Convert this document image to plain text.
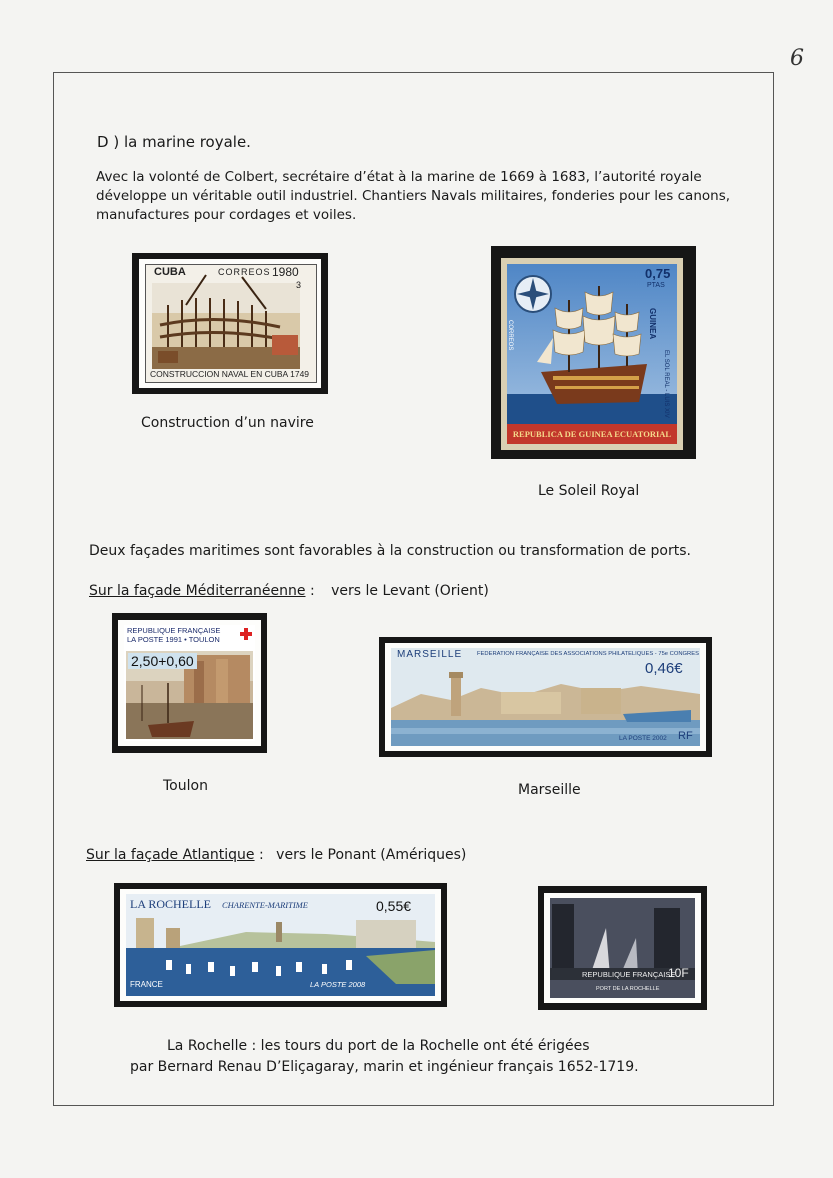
6
D ) la marine royale.
Avec la volonté de Colbert, secrétaire d’état à la marine de 1669 à 1683, l’autorité royale développe un véritable outil industriel. Chantiers Navals militaires, fonderies pour les canons, manufactures pour cordages et voiles.
CUBA	CORREOS 1980
3
CONSTRUCCION NAVAL EN CUBA 1749
Construction d’un navire
0,75
PTAS
GUINEA
EL SOL REAL - LUIS XIV
CORREOS
REPUBLICA DE GUINEA ECUATORIAL
Le Soleil Royal
Deux façades maritimes sont favorables à la construction ou transformation de ports.
Sur la façade Méditerranéenne : vers le Levant (Orient)
REPUBLIQUE FRANÇAISE
LA POSTE 1991 • TOULON
2,50+0,60
Toulon
MARSEILLE	FEDERATION FRANÇAISE DES ASSOCIATIONS PHILATELIQUES - 75e CONGRES
0,46€
LA POSTE 2002 RF
Marseille
Sur la façade Atlantique : vers le Ponant (Amériques)
LA ROCHELLE CHARENTE-MARITIME	0,55€
FRANCE	LA POSTE 2008
REPUBLIQUE FRANÇAISE
10F
PORT DE LA ROCHELLE
La Rochelle : les tours du port de la Rochelle ont été érigées
par Bernard Renau D’Eliçagaray, marin et ingénieur français 1652-1719.
